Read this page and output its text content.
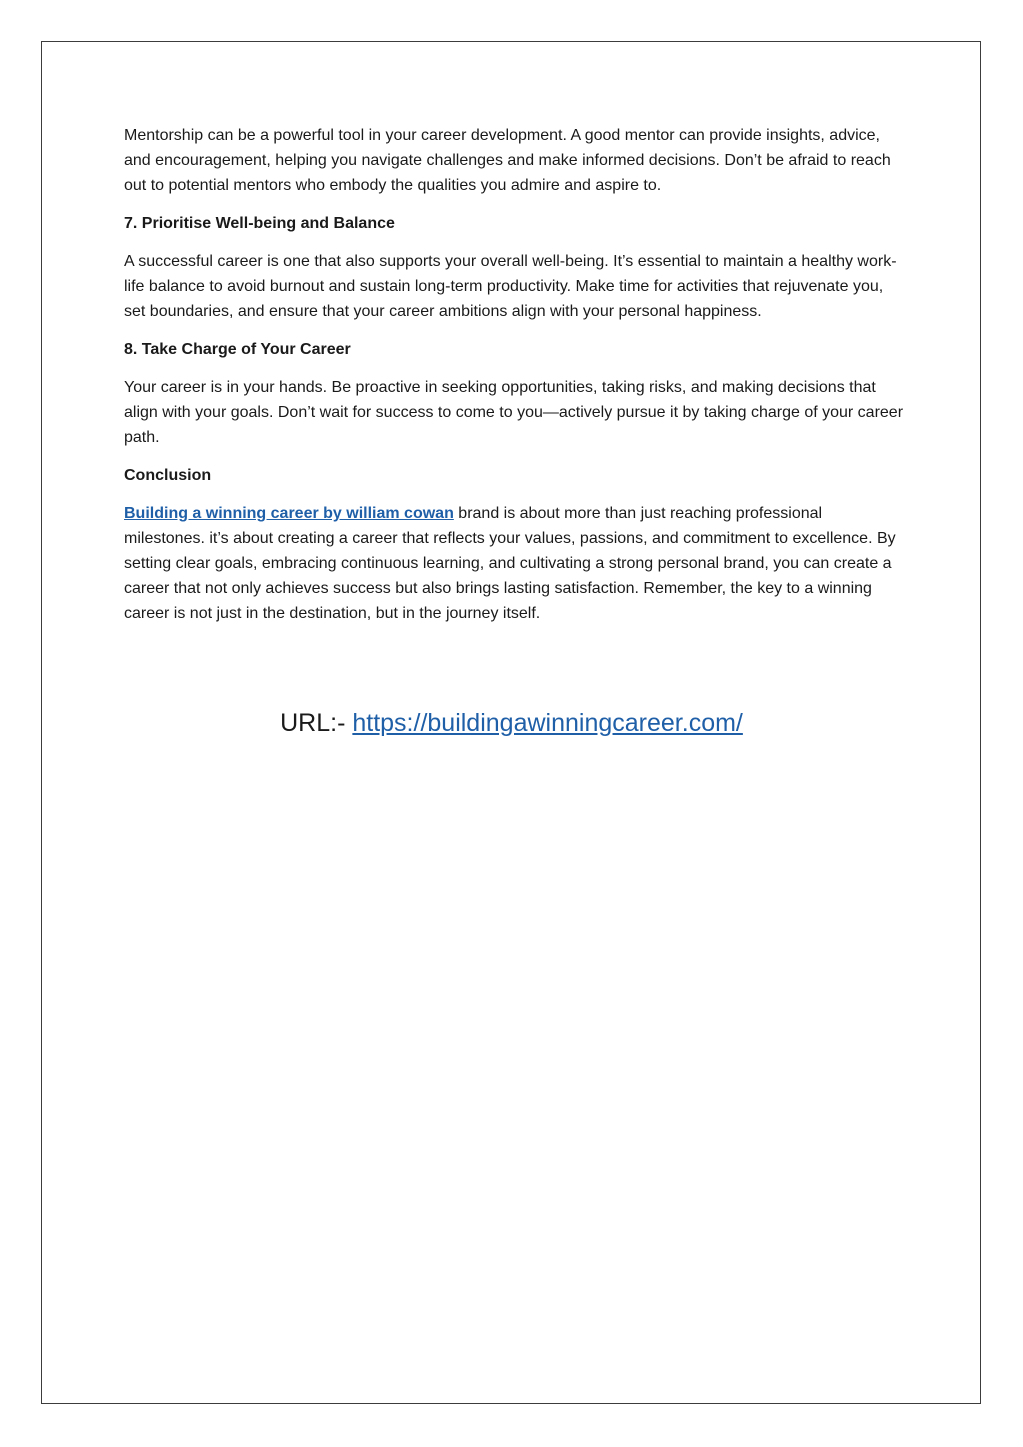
Mentorship can be a powerful tool in your career development. A good mentor can provide insights, advice, and encouragement, helping you navigate challenges and make informed decisions. Don’t be afraid to reach out to potential mentors who embody the qualities you admire and aspire to.

7. Prioritise Well-being and Balance

A successful career is one that also supports your overall well-being. It’s essential to maintain a healthy work-life balance to avoid burnout and sustain long-term productivity. Make time for activities that rejuvenate you, set boundaries, and ensure that your career ambitions align with your personal happiness.

8. Take Charge of Your Career

Your career is in your hands. Be proactive in seeking opportunities, taking risks, and making decisions that align with your goals. Don’t wait for success to come to you—actively pursue it by taking charge of your career path.

Conclusion

Building a winning career by william cowan brand is about more than just reaching professional milestones. it’s about creating a career that reflects your values, passions, and commitment to excellence. By setting clear goals, embracing continuous learning, and cultivating a strong personal brand, you can create a career that not only achieves success but also brings lasting satisfaction. Remember, the key to a winning career is not just in the destination, but in the journey itself.

URL:- https://buildingawinningcareer.com/
